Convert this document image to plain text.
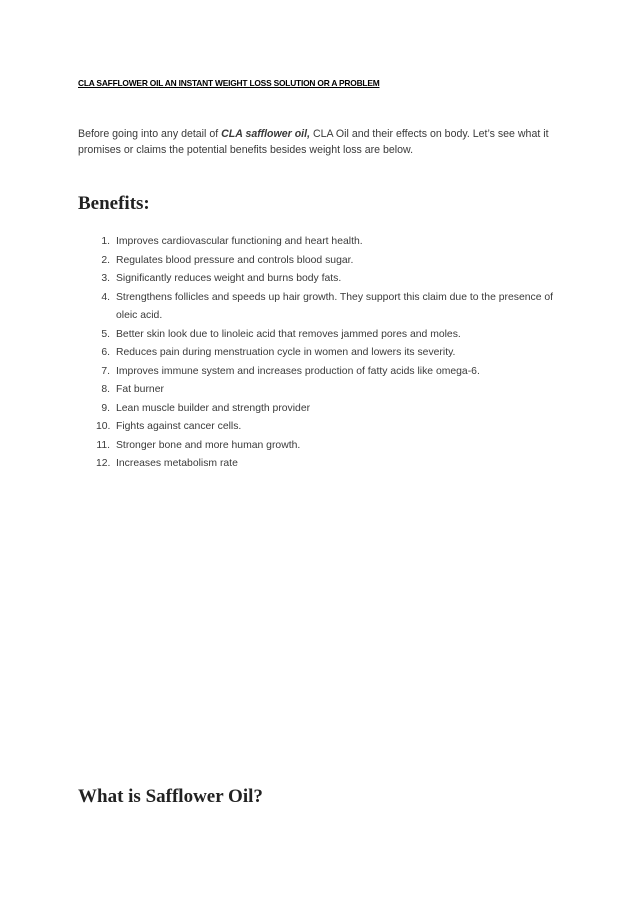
CLA SAFFLOWER OIL AN INSTANT WEIGHT LOSS SOLUTION OR A PROBLEM

Before going into any detail of CLA safflower oil, CLA Oil and their effects on body. Let’s see what it promises or claims the potential benefits besides weight loss are below.

Benefits:
1. Improves cardiovascular functioning and heart health.
2. Regulates blood pressure and controls blood sugar.
3. Significantly reduces weight and burns body fats.
4. Strengthens follicles and speeds up hair growth. They support this claim due to the presence of oleic acid.
5. Better skin look due to linoleic acid that removes jammed pores and moles.
6. Reduces pain during menstruation cycle in women and lowers its severity.
7. Improves immune system and increases production of fatty acids like omega-6.
8. Fat burner
9. Lean muscle builder and strength provider
10. Fights against cancer cells.
11. Stronger bone and more human growth.
12. Increases metabolism rate
What is Safflower Oil?
